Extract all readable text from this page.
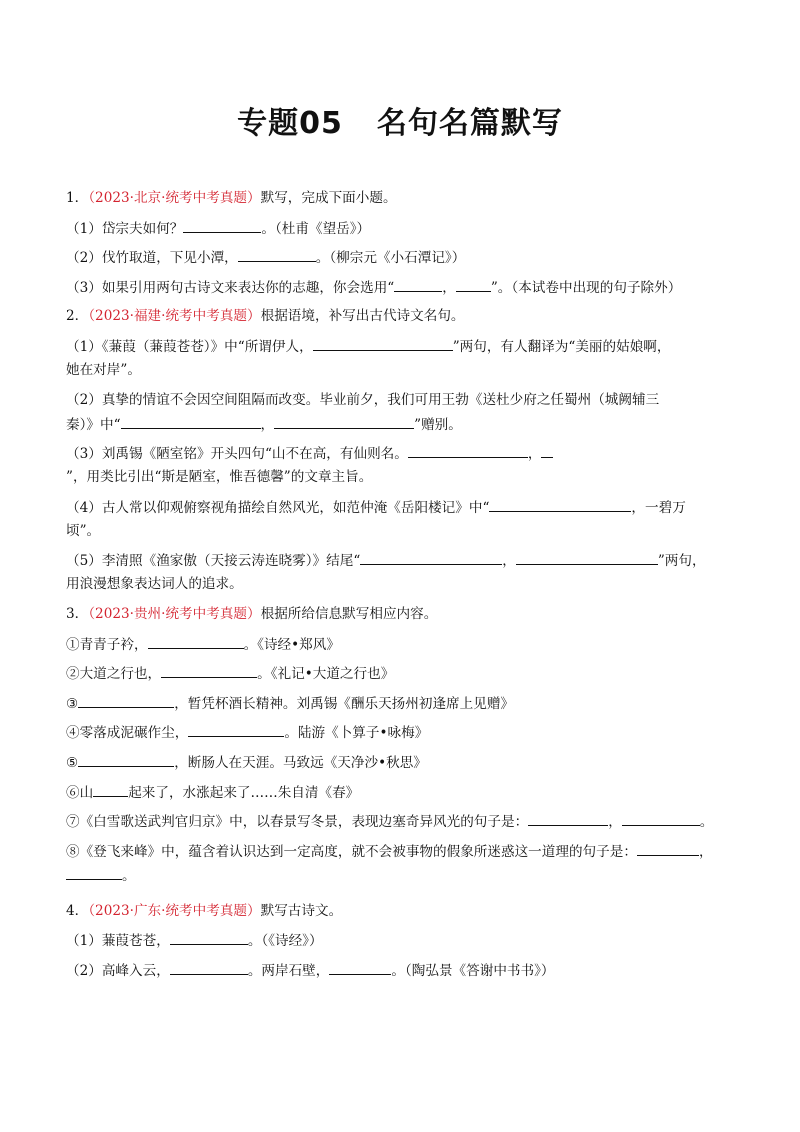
专题05 名句名篇默写
1．（2023·北京·统考中考真题）默写，完成下面小题。
（1）岱宗夫如何？	。（杜甫《望岳》）
（2）伐竹取道，下见小潭，	。（柳宗元《小石潭记》）
（3）如果引用两句古诗文来表达你的志趣，你会选用“	，	”。（本试卷中出现的句子除外）
2．（2023·福建·统考中考真题）根据语境，补写出古代诗文名句。
（1）《蒹葭（蒹葭苍苍）》中“所谓伊人，	”两句，有人翻译为“美丽的姑娘啊，
她在对岸”。
（2）真挚的情谊不会因空间阻隔而改变。毕业前夕，我们可用王勃《送杜少府之任蜀州（城阙辅三
秦）》中“	，	”赠别。
（3）刘禹锡《陋室铭》开头四句“山不在高，有仙则名。	，
”，用类比引出“斯是陋室，惟吾德馨”的文章主旨。
（4）古人常以仰观俯察视角描绘自然风光，如范仲淹《岳阳楼记》中“	，一碧万
顷”。
（5）李清照《渔家傲（天接云涛连晓雾）》结尾“	，	”两句，
用浪漫想象表达词人的追求。
3．（2023·贵州·统考中考真题）根据所给信息默写相应内容。
①青青子衿，	。《诗经•郑风》
②大道之行也，	。《礼记•大道之行也》
③	，暂凭杯酒长精神。刘禹锡《酬乐天扬州初逢席上见赠》
④零落成泥碾作尘，	。陆游《卜算子•咏梅》
⑤	，断肠人在天涯。马致远《天净沙•秋思》
⑥山	起来了，水涨起来了……朱自清《春》
⑦《白雪歌送武判官归京》中，以春景写冬景，表现边塞奇异风光的句子是：	，	。
⑧《登飞来峰》中，蕴含着认识达到一定高度，就不会被事物的假象所迷惑这一道理的句子是：	，
。
4．（2023·广东·统考中考真题）默写古诗文。
（1）蒹葭苍苍，	。（《诗经》）
（2）高峰入云，	。两岸石壁，	。（陶弘景《答谢中书书》）
